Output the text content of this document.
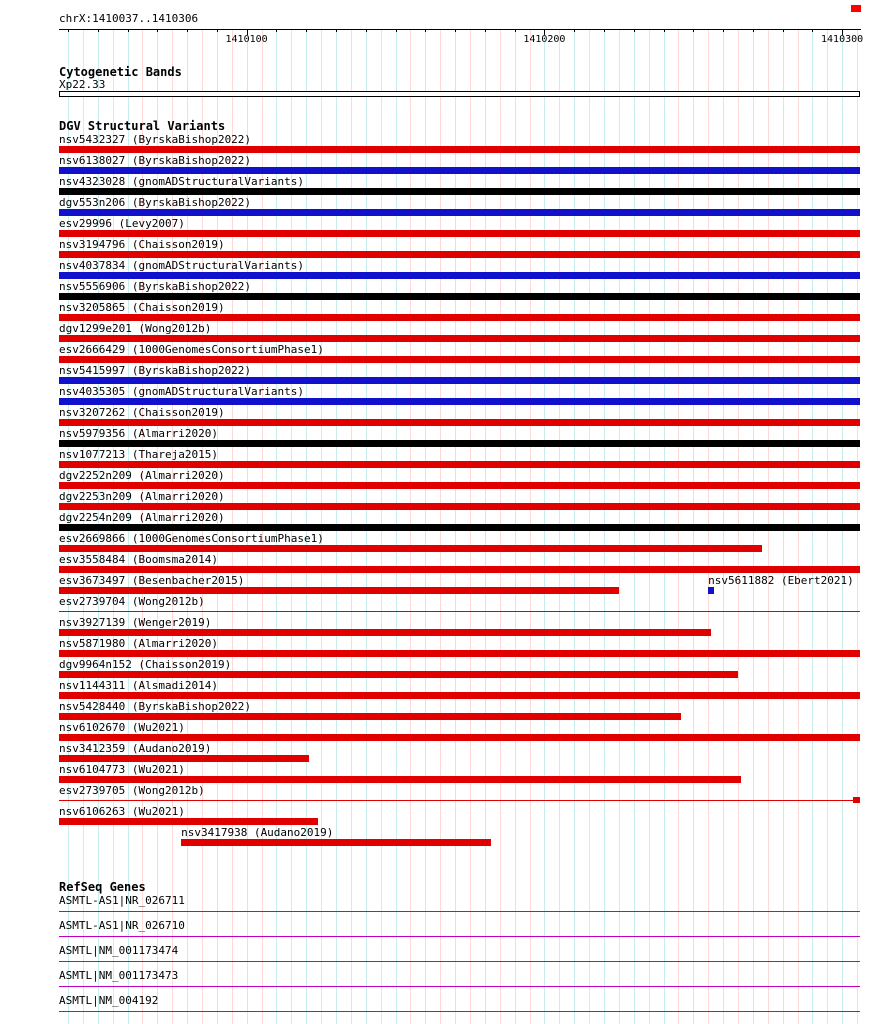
chrX:1410037..1410306
1410100	1410200	1410300
Cytogenetic Bands
Xp22.33
DGV Structural Variants
nsv5432327 (ByrskaBishop2022)
nsv6138027 (ByrskaBishop2022)
nsv4323028 (gnomADStructuralVariants)
dgv553n206 (ByrskaBishop2022)
esv29996 (Levy2007)
nsv3194796 (Chaisson2019)
nsv4037834 (gnomADStructuralVariants)
nsv5556906 (ByrskaBishop2022)
nsv3205865 (Chaisson2019)
dgv1299e201 (Wong2012b)
esv2666429 (1000GenomesConsortiumPhase1)
nsv5415997 (ByrskaBishop2022)
nsv4035305 (gnomADStructuralVariants)
nsv3207262 (Chaisson2019)
nsv5979356 (Almarri2020)
nsv1077213 (Thareja2015)
dgv2252n209 (Almarri2020)
dgv2253n209 (Almarri2020)
dgv2254n209 (Almarri2020)
esv2669866 (1000GenomesConsortiumPhase1)
esv3558484 (Boomsma2014)
esv3673497 (Besenbacher2015)	nsv5611882 (Ebert2021)
esv2739704 (Wong2012b)
nsv3927139 (Wenger2019)
nsv5871980 (Almarri2020)
dgv9964n152 (Chaisson2019)
nsv1144311 (Alsmadi2014)
nsv5428440 (ByrskaBishop2022)
nsv6102670 (Wu2021)
nsv3412359 (Audano2019)
nsv6104773 (Wu2021)
esv2739705 (Wong2012b)
nsv6106263 (Wu2021)
nsv3417938 (Audano2019)
RefSeq Genes
ASMTL-AS1|NR_026711
ASMTL-AS1|NR_026710
ASMTL|NM_001173474
ASMTL|NM_001173473
ASMTL|NM_004192
